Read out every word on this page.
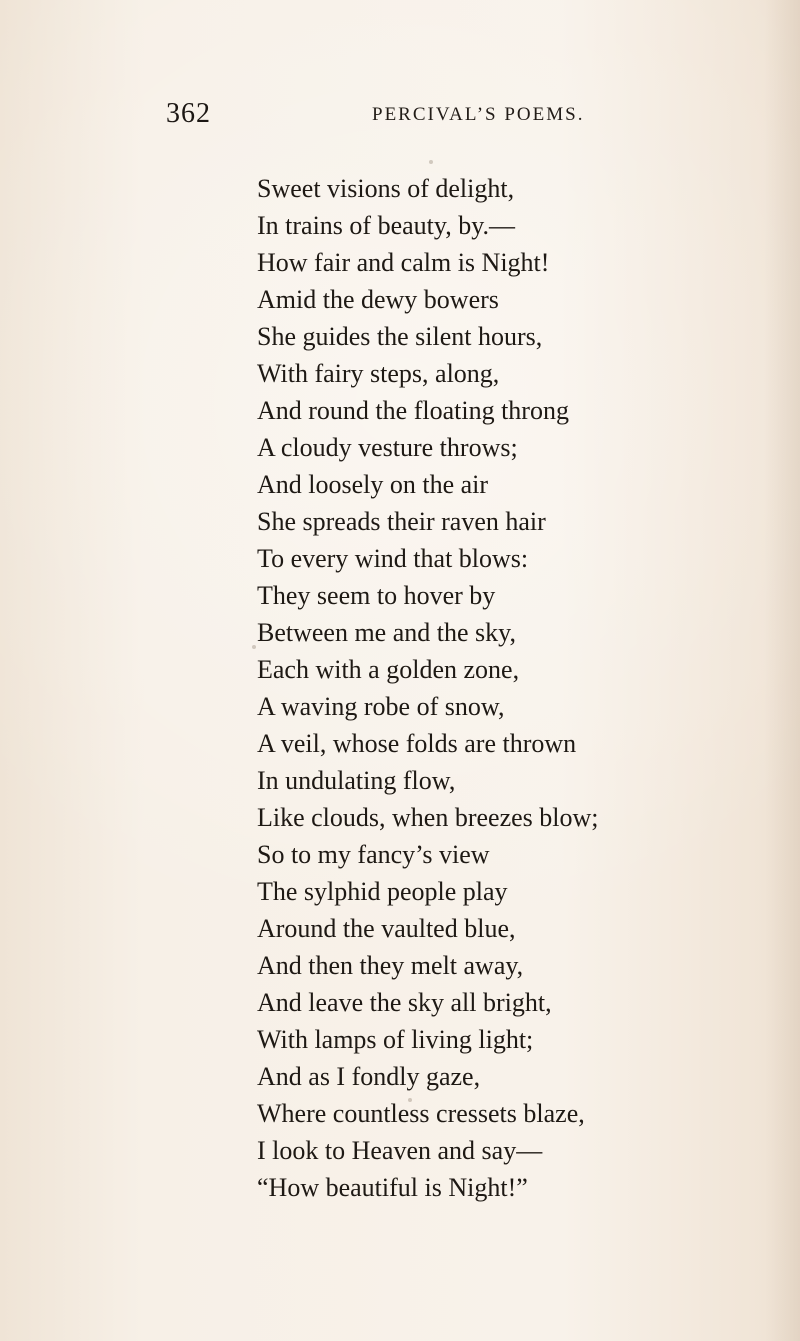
362	PERCIVAL’S POEMS.
Sweet visions of delight,
In trains of beauty, by.—
How fair and calm is Night!
Amid the dewy bowers
She guides the silent hours,
With fairy steps, along,
And round the floating throng
A cloudy vesture throws;
And loosely on the air
She spreads their raven hair
To every wind that blows:
They seem to hover by
Between me and the sky,
Each with a golden zone,
A waving robe of snow,
A veil, whose folds are thrown
In undulating flow,
Like clouds, when breezes blow;
So to my fancy’s view
The sylphid people play
Around the vaulted blue,
And then they melt away,
And leave the sky all bright,
With lamps of living light;
And as I fondly gaze,
Where countless cressets blaze,
I look to Heaven and say—
“How beautiful is Night!”
